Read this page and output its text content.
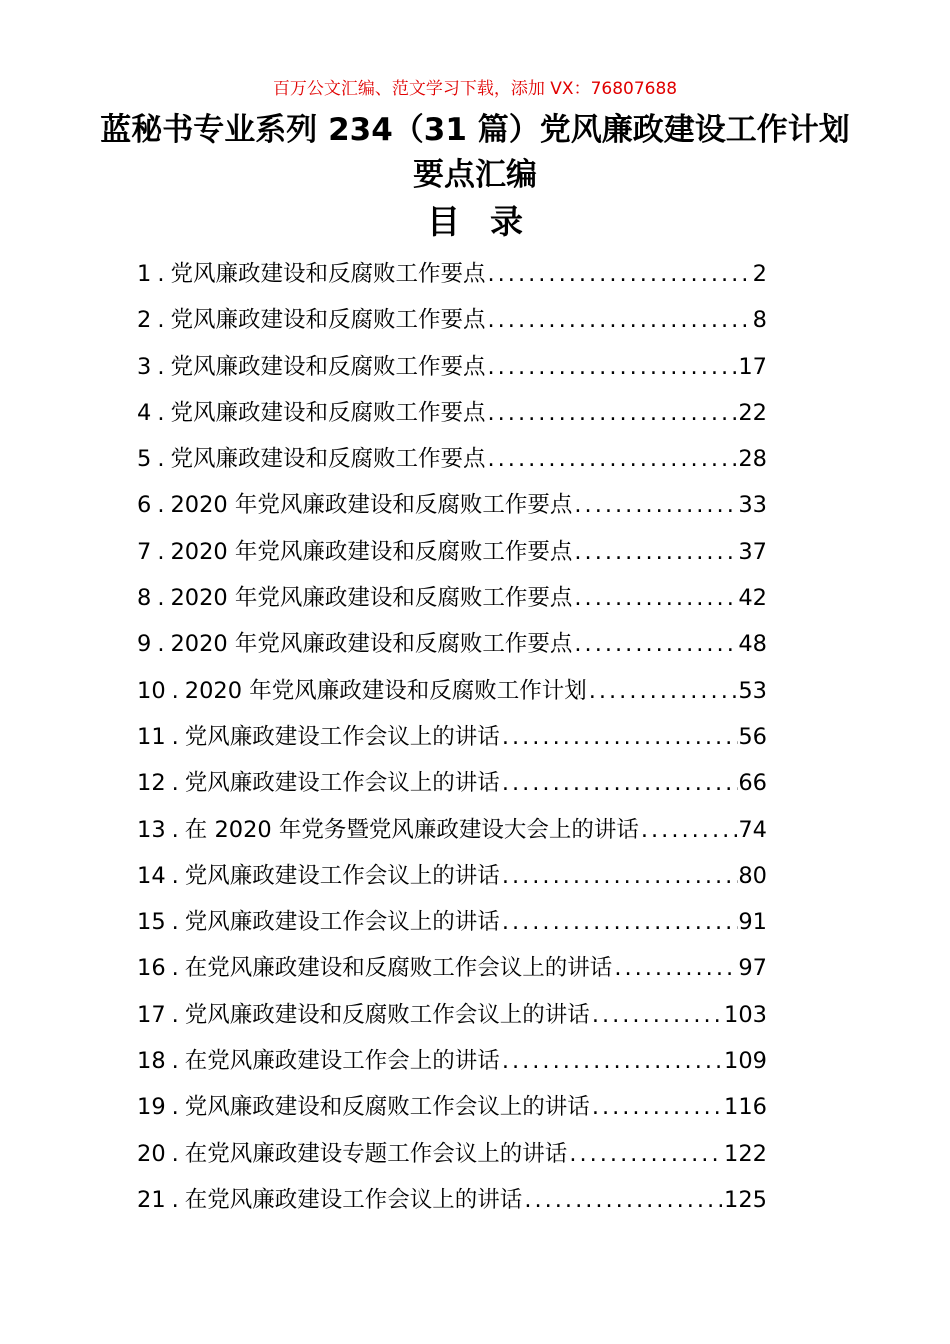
百万公文汇编、范文学习下载，添加 VX：76807688
蓝秘书专业系列 234（31 篇）党风廉政建设工作计划要点汇编
目录
1 . 党风廉政建设和反腐败工作要点 .....	2
2 . 党风廉政建设和反腐败工作要点 .....	8
3 . 党风廉政建设和反腐败工作要点 .....	17
4 . 党风廉政建设和反腐败工作要点 .....	22
5 . 党风廉政建设和反腐败工作要点 .....	28
6 . 2020 年党风廉政建设和反腐败工作要点 .....	33
7 . 2020 年党风廉政建设和反腐败工作要点 .....	37
8 . 2020 年党风廉政建设和反腐败工作要点 .....	42
9 . 2020 年党风廉政建设和反腐败工作要点 .....	48
10 . 2020 年党风廉政建设和反腐败工作计划 .....	53
11 . 党风廉政建设工作会议上的讲话 .....	56
12 . 党风廉政建设工作会议上的讲话 .....	66
13 . 在 2020 年党务暨党风廉政建设大会上的讲话 .....	74
14 . 党风廉政建设工作会议上的讲话 .....	80
15 . 党风廉政建设工作会议上的讲话 .....	91
16 . 在党风廉政建设和反腐败工作会议上的讲话 .....	97
17 . 党风廉政建设和反腐败工作会议上的讲话 .....	103
18 . 在党风廉政建设工作会上的讲话 .....	109
19 . 党风廉政建设和反腐败工作会议上的讲话 .....	116
20 . 在党风廉政建设专题工作会议上的讲话 .....	122
21 . 在党风廉政建设工作会议上的讲话 .....	125
